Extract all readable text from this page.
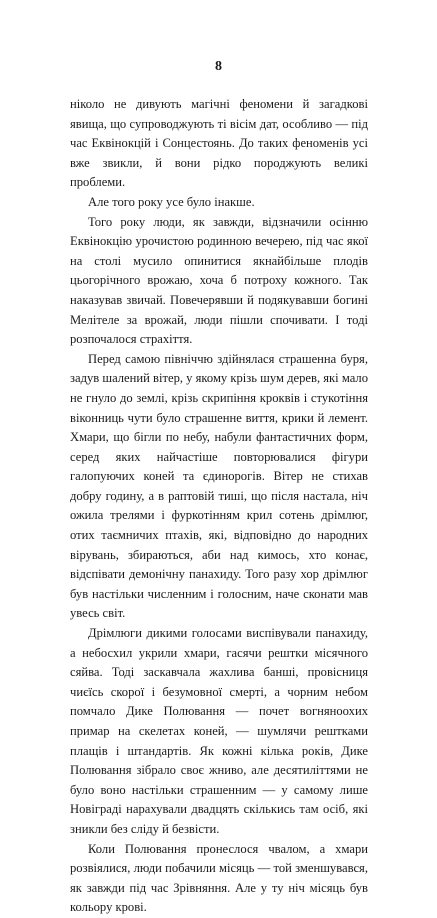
8

ніколо не дивують магічні феномени й загадкові явища, що супроводжують ті вісім дат, особливо — під час Еквінокцій і Сонцестоянь. До таких феноменів усі вже звикли, й вони рідко породжують великі проблеми.

Але того року усе було інакше.

Того року люди, як завжди, відзначили осінню Еквінокцію урочистою родинною вечерею, під час якої на столі мусило опинитися якнайбільше плодів цьогорічного врожаю, хоча б потроху кожного. Так наказував звичай. Повечерявши й подякувавши богині Мелітеле за врожай, люди пішли спочивати. І тоді розпочалося страхіття.

Перед самою північчю здійнялася страшенна буря, задув шалений вітер, у якому крізь шум дерев, які мало не гнуло до землі, крізь скрипіння кроквів і стукотіння віконниць чути було страшенне виття, крики й лемент. Хмари, що бігли по небу, набули фантастичних форм, серед яких найчастіше повторювалися фігури галопуючих коней та єдинорогів. Вітер не стихав добру годину, а в раптовій тиші, що після настала, ніч ожила трелями і фуркотінням крил сотень дрімлюг, отих таємничих птахів, які, відповідно до народних вірувань, збираються, аби над кимось, хто конає, відспівати демонічну панахиду. Того разу хор дрімлюг був настільки численним і голосним, наче сконати мав увесь світ.

Дрімлюги дикими голосами виспівували панахиду, а небосхил укрили хмари, гасячи рештки місячного сяйва. Тоді заскавчала жахлива банші, провісниця чиєїсь скорої і безумовної смерті, а чорним небом помчало Дике Полювання — почет вогняноохих примар на скелетах коней, — шумлячи рештками плащів і штандартів. Як кожні кілька років, Дике Полювання зібрало своє жниво, але десятиліттями не було воно настільки страшенним — у самому лише Новіграді нарахували двадцять скількись там осіб, які зникли без сліду й безвісти.

Коли Полювання пронеслося чвалом, а хмари розвіялися, люди побачили місяць — той зменшувався, як завжди під час Зрівняння. Але у ту ніч місяць був кольору крові.
